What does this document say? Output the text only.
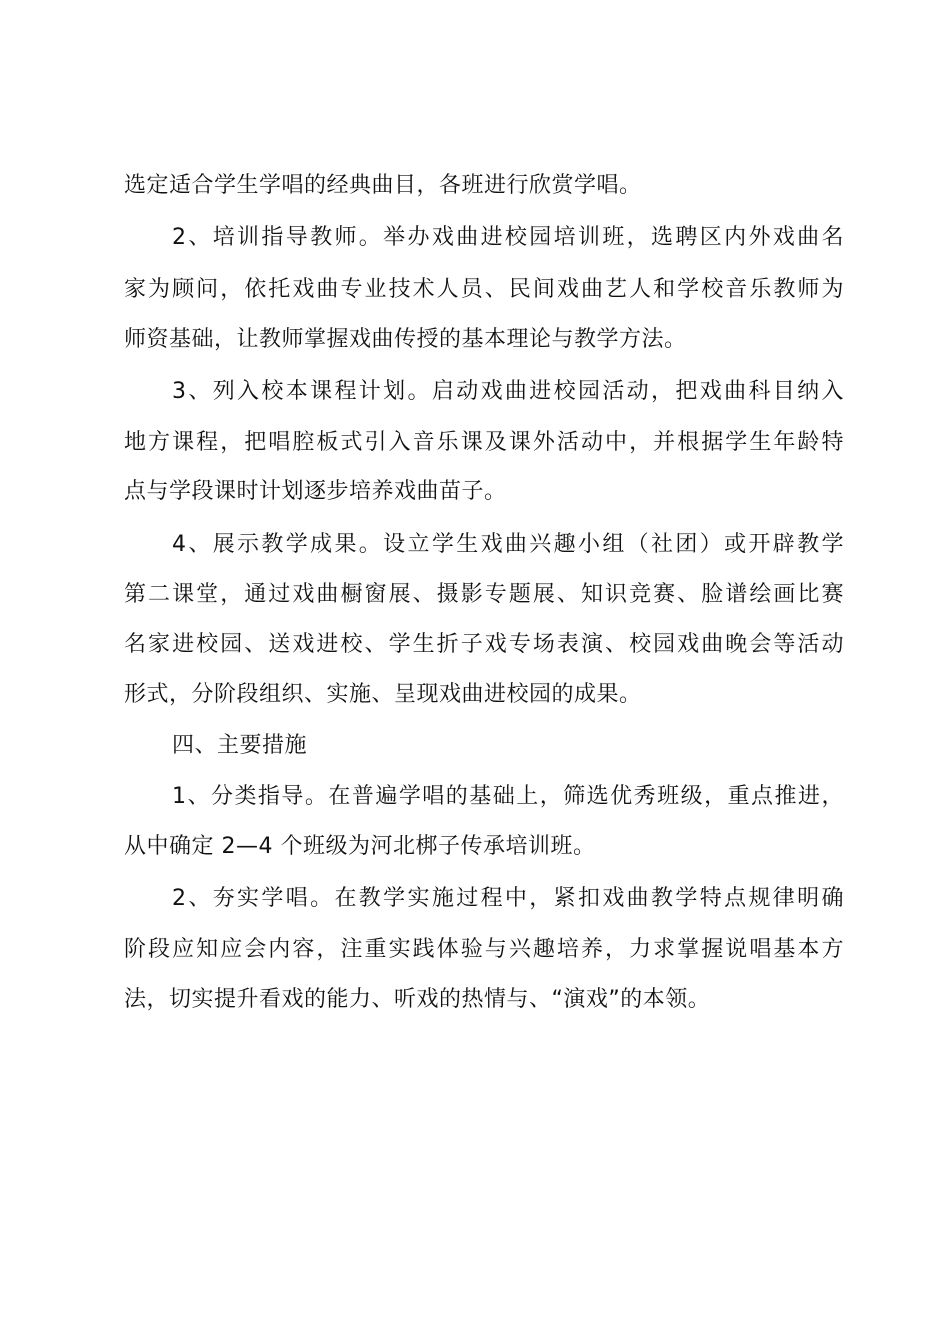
选定适合学生学唱的经典曲目，各班进行欣赏学唱。
2、培训指导教师。举办戏曲进校园培训班，选聘区内外戏曲名
家为顾问，依托戏曲专业技术人员、民间戏曲艺人和学校音乐教师为
师资基础，让教师掌握戏曲传授的基本理论与教学方法。
3、列入校本课程计划。启动戏曲进校园活动，把戏曲科目纳入
地方课程，把唱腔板式引入音乐课及课外活动中，并根据学生年龄特
点与学段课时计划逐步培养戏曲苗子。
4、展示教学成果。设立学生戏曲兴趣小组（社团）或开辟教学
第二课堂，通过戏曲橱窗展、摄影专题展、知识竞赛、脸谱绘画比赛
名家进校园、送戏进校、学生折子戏专场表演、校园戏曲晚会等活动
形式，分阶段组织、实施、呈现戏曲进校园的成果。
四、主要措施
1、分类指导。在普遍学唱的基础上，筛选优秀班级，重点推进，
从中确定 2—4 个班级为河北梆子传承培训班。
2、夯实学唱。在教学实施过程中，紧扣戏曲教学特点规律明确
阶段应知应会内容，注重实践体验与兴趣培养，力求掌握说唱基本方
法，切实提升看戏的能力、听戏的热情与、“演戏”的本领。
